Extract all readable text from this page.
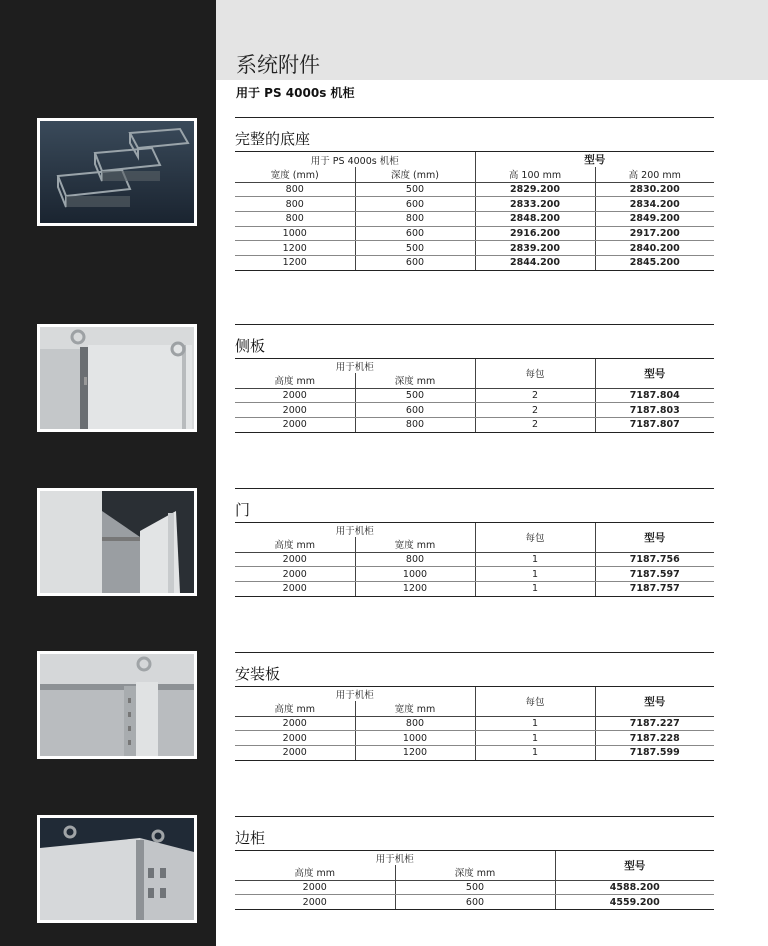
系统附件
用于 PS 4000s 机柜
完整的底座
用于 PS 4000s 机柜		型号	
宽度 (mm)	深度 (mm)	高 100 mm	高 200 mm
800	500	2829.200	2830.200
800	600	2833.200	2834.200
800	800	2848.200	2849.200
1000	600	2916.200	2917.200
1200	500	2839.200	2840.200
1200	600	2844.200	2845.200
侧板
用于机柜		每包	型号
高度 mm	深度 mm		
2000	500	2	7187.804
2000	600	2	7187.803
2000	800	2	7187.807
门
用于机柜		每包	型号
高度 mm	宽度 mm		
2000	800	1	7187.756
2000	1000	1	7187.597
2000	1200	1	7187.757
安装板
用于机柜		每包	型号
高度 mm	宽度 mm		
2000	800	1	7187.227
2000	1000	1	7187.228
2000	1200	1	7187.599
边柜
用于机柜		型号
高度 mm	深度 mm	
2000	500	4588.200
2000	600	4559.200
